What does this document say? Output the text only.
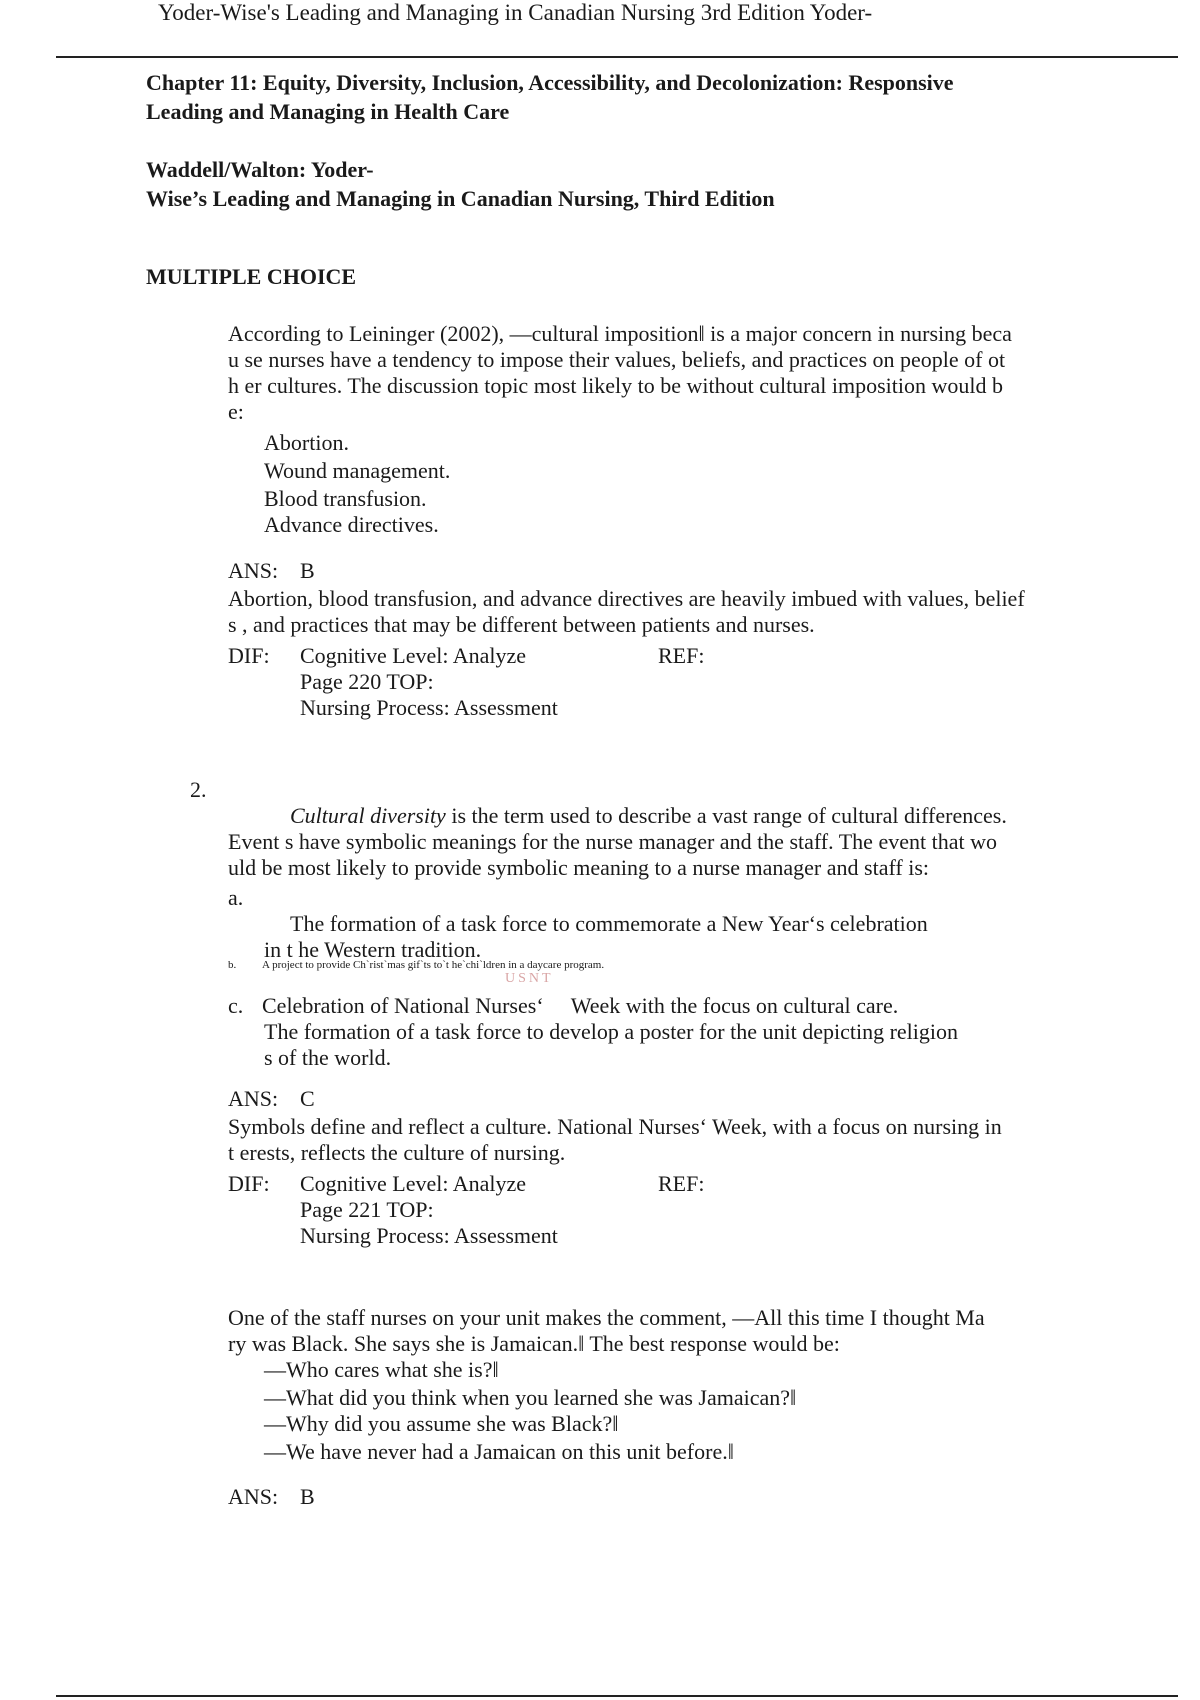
Yoder-Wise's Leading and Managing in Canadian Nursing 3rd Edition Yoder-
Chapter 11: Equity, Diversity, Inclusion, Accessibility, and Decolonization: Responsive
Leading and Managing in Health Care
Waddell/Walton: Yoder-
Wise’s Leading and Managing in Canadian Nursing, Third Edition
MULTIPLE CHOICE
According to Leininger (2002), —cultural imposition‖ is a major concern in nursing beca
u se nurses have a tendency to impose their values, beliefs, and practices on people of ot
h er cultures. The discussion topic most likely to be without cultural imposition would b
e:
Abortion.
Wound management.
Blood transfusion.
Advance directives.
ANS: B
Abortion, blood transfusion, and advance directives are heavily imbued with values, belief
s , and practices that may be different between patients and nurses.
DIF: Cognitive Level: Analyze
Page 220 TOP:
Nursing Process: Assessment
REF:
2.
Cultural diversity is the term used to describe a vast range of cultural differences.
Event s have symbolic meanings for the nurse manager and the staff. The event that wo
uld be most likely to provide symbolic meaning to a nurse manager and staff is:
a.
The formation of a task force to commemorate a New Year‘s celebration
in t he Western tradition.
b. A project to provide Ch`rist`mas gif`ts to`t he`chi`ldren in a daycare program.
USNT
c. Celebration of National Nurses‘     Week with the focus on cultural care.
The formation of a task force to develop a poster for the unit depicting religion
s of the world.
ANS: C
Symbols define and reflect a culture. National Nurses‘ Week, with a focus on nursing in
t erests, reflects the culture of nursing.
DIF: Cognitive Level: Analyze
Page 221 TOP:
Nursing Process: Assessment
REF:
One of the staff nurses on your unit makes the comment, —All this time I thought Ma
ry was Black. She says she is Jamaican.‖ The best response would be:
—Who cares what she is?‖
—What did you think when you learned she was Jamaican?‖
—Why did you assume she was Black?‖
—We have never had a Jamaican on this unit before.‖
ANS: B
